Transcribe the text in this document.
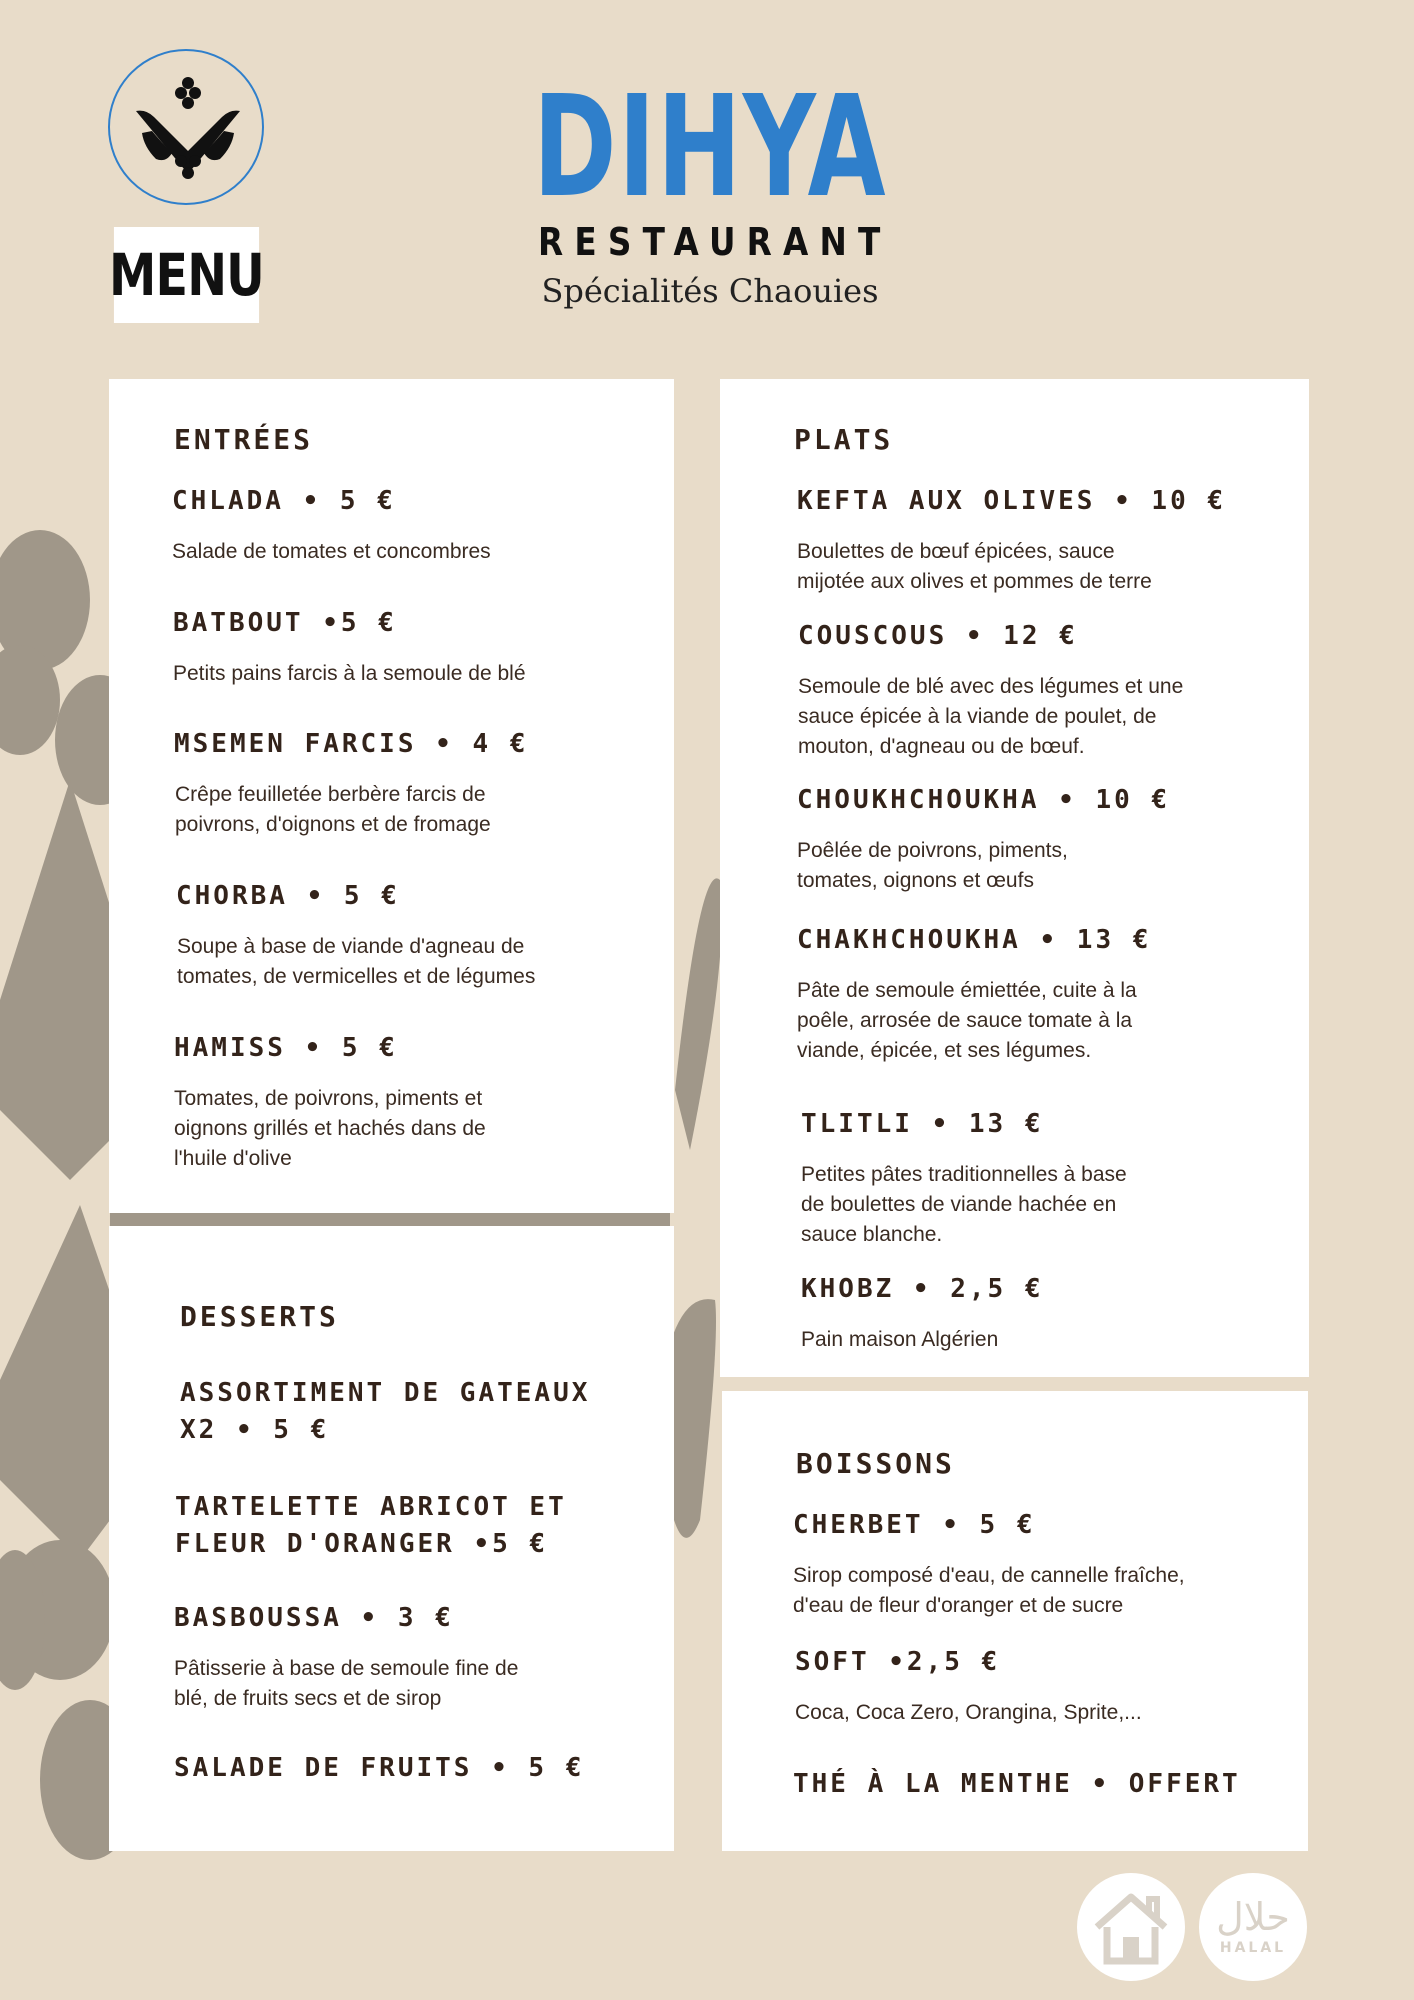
MENU
DIHYA
RESTAURANT
Spécialités Chaouies
ENTRÉES
CHLADA • 5 €

Salade de tomates et concombres

BATBOUT •5 €

Petits pains farcis à la semoule de blé

MSEMEN FARCIS • 4 €

Crêpe feuilletée berbère farcis de

poivrons, d'oignons et de fromage

CHORBA • 5 €

Soupe à base de viande d'agneau de

tomates, de vermicelles et de légumes

HAMISS • 5 €

Tomates, de poivrons, piments et

oignons grillés et hachés dans de

l'huile d'olive

PLATS
KEFTA AUX OLIVES • 10 €

Boulettes de bœuf épicées, sauce

mijotée aux olives et pommes de terre

COUSCOUS • 12 €

Semoule de blé avec des légumes et une

sauce épicée à la viande de poulet, de

mouton, d'agneau ou de bœuf.

CHOUKHCHOUKHA • 10 €

Poêlée de poivrons, piments,

tomates, oignons et œufs

CHAKHCHOUKHA • 13 €

Pâte de semoule émiettée, cuite à la

poêle, arrosée de sauce tomate à la

viande, épicée, et ses légumes.

TLITLI • 13 €

Petites pâtes traditionnelles à base

de boulettes de viande hachée en

sauce blanche.

KHOBZ • 2,5 €

Pain maison Algérien

DESSERTS
ASSORTIMENT DE GATEAUX
X2 • 5 €
TARTELETTE ABRICOT ET
FLEUR D'ORANGER •5 €
BASBOUSSA • 3 €

Pâtisserie à base de semoule fine de

blé, de fruits secs et de sirop

SALADE DE FRUITS • 5 €
BOISSONS
CHERBET • 5 €

Sirop composé d'eau, de cannelle fraîche,

d'eau de fleur d'oranger et de sucre

SOFT •2,5 €

Coca, Coca Zero, Orangina, Sprite,...

THÉ À LA MENTHE • OFFERT
حلال
HALAL
